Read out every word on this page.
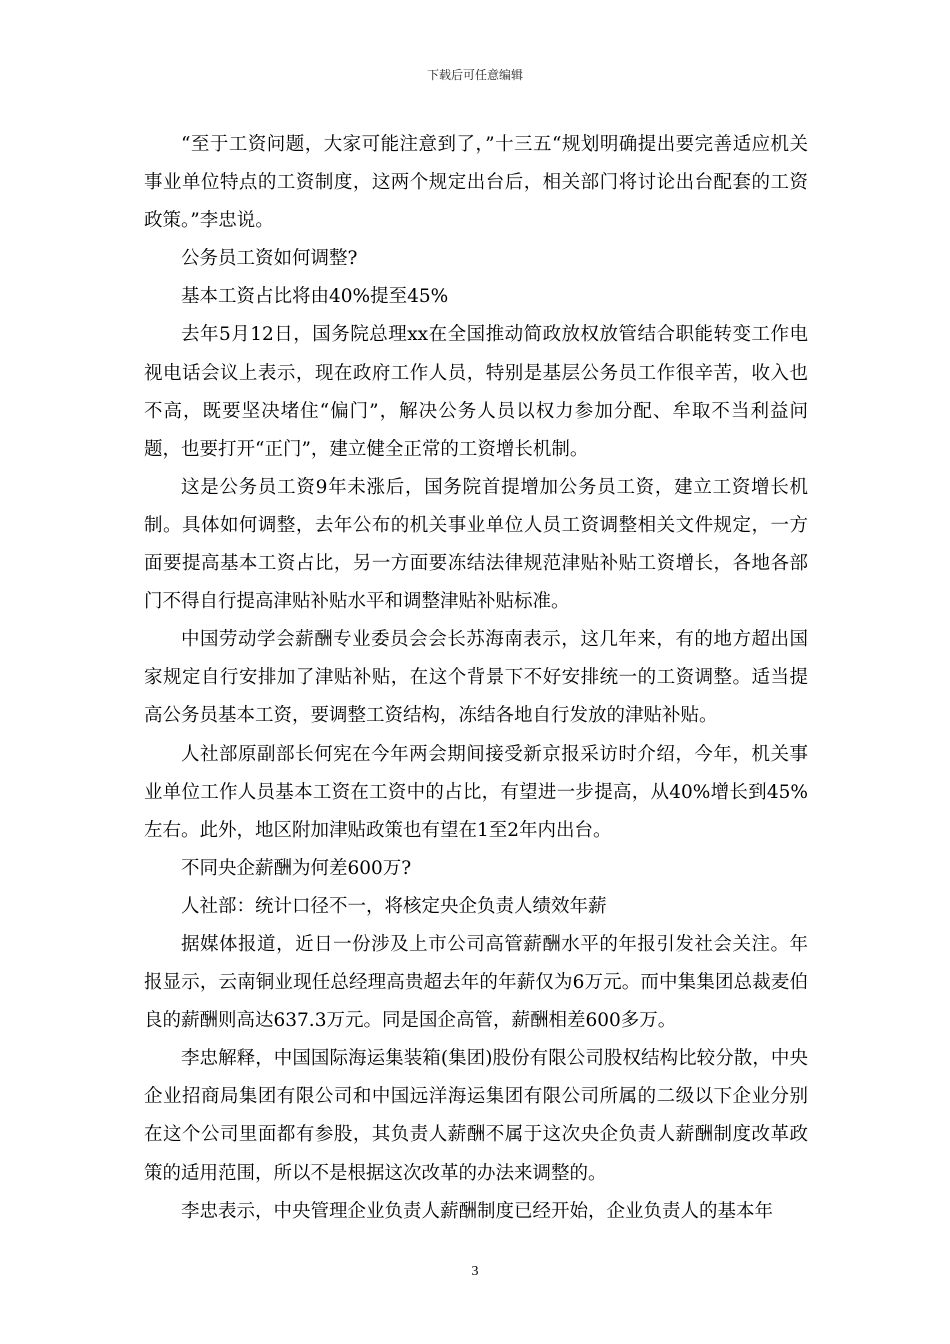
下载后可任意编辑

“至于工资问题，大家可能注意到了，”十三五“规划明确提出要完善适应机关事业单位特点的工资制度，这两个规定出台后，相关部门将讨论出台配套的工资政策。”李忠说。

公务员工资如何调整?

基本工资占比将由40%提至45%

去年5月12日，国务院总理xx在全国推动简政放权放管结合职能转变工作电视电话会议上表示，现在政府工作人员，特别是基层公务员工作很辛苦，收入也不高，既要坚决堵住“偏门”，解决公务人员以权力参加分配、牟取不当利益问题，也要打开“正门”，建立健全正常的工资增长机制。

这是公务员工资9年未涨后，国务院首提增加公务员工资，建立工资增长机制。具体如何调整，去年公布的机关事业单位人员工资调整相关文件规定，一方面要提高基本工资占比，另一方面要冻结法律规范津贴补贴工资增长，各地各部门不得自行提高津贴补贴水平和调整津贴补贴标准。

中国劳动学会薪酬专业委员会会长苏海南表示，这几年来，有的地方超出国家规定自行安排加了津贴补贴，在这个背景下不好安排统一的工资调整。适当提高公务员基本工资，要调整工资结构，冻结各地自行发放的津贴补贴。

人社部原副部长何宪在今年两会期间接受新京报采访时介绍，今年，机关事业单位工作人员基本工资在工资中的占比，有望进一步提高，从40%增长到45%左右。此外，地区附加津贴政策也有望在1至2年内出台。

不同央企薪酬为何差600万?

人社部：统计口径不一，将核定央企负责人绩效年薪

据媒体报道，近日一份涉及上市公司高管薪酬水平的年报引发社会关注。年报显示，云南铜业现任总经理高贵超去年的年薪仅为6万元。而中集集团总裁麦伯良的薪酬则高达637.3万元。同是国企高管，薪酬相差600多万。

李忠解释，中国国际海运集装箱(集团)股份有限公司股权结构比较分散，中央企业招商局集团有限公司和中国远洋海运集团有限公司所属的二级以下企业分别在这个公司里面都有参股，其负责人薪酬不属于这次央企负责人薪酬制度改革政策的适用范围，所以不是根据这次改革的办法来调整的。

李忠表示，中央管理企业负责人薪酬制度已经开始，企业负责人的基本年

3
